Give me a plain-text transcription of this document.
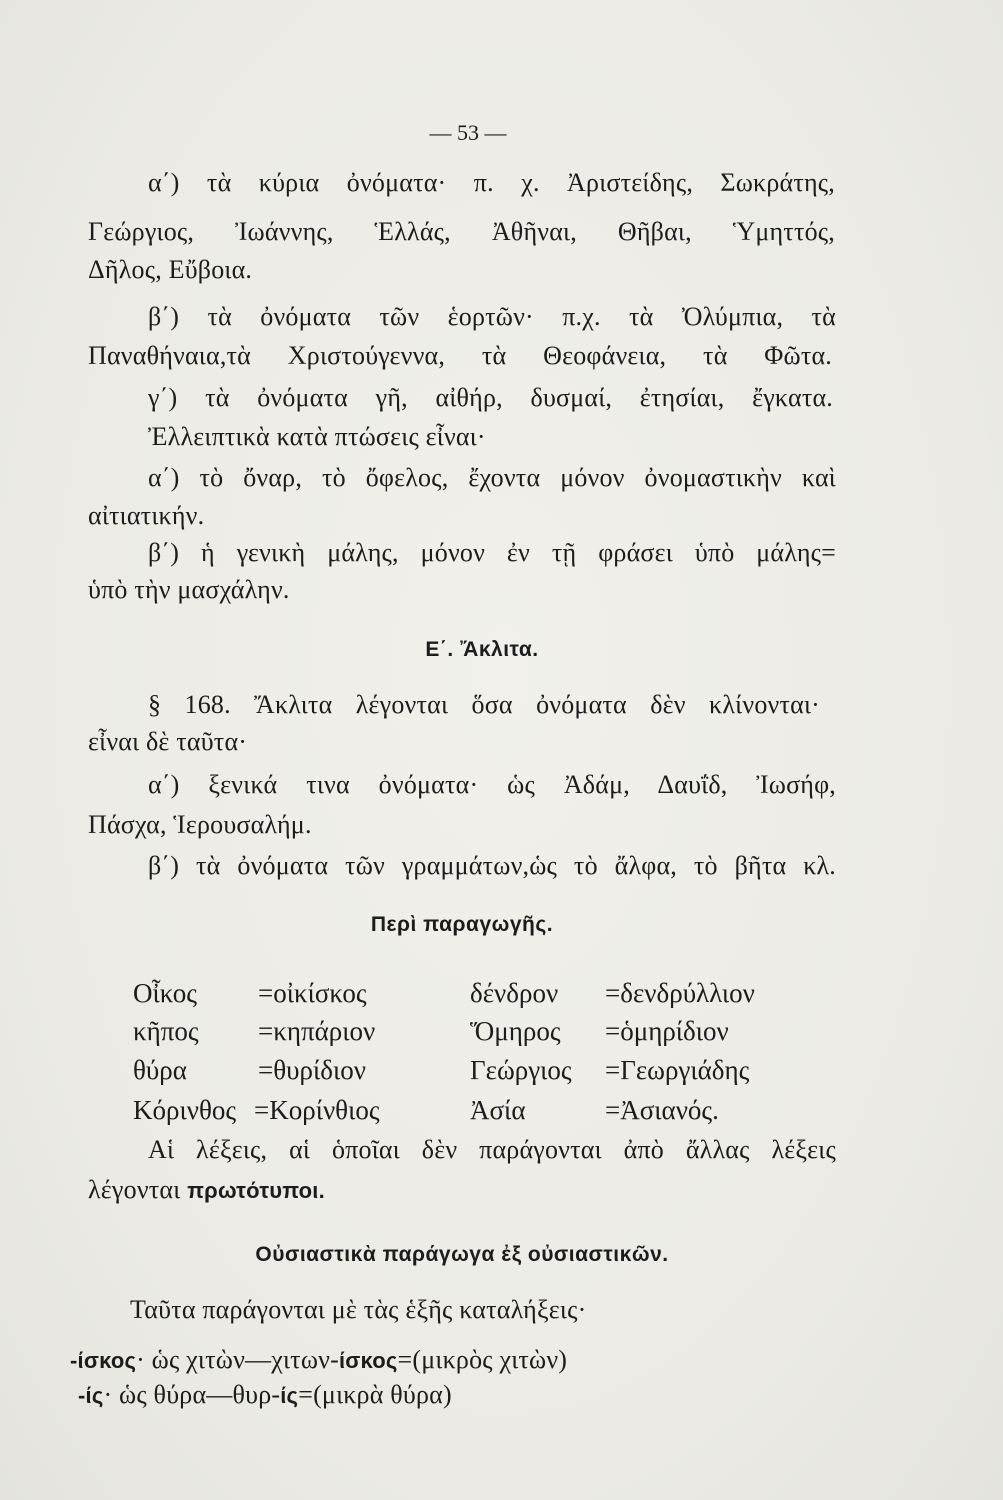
— 53 —
α΄) τὰ κύρια ὀνόματα· π. χ. Ἀριστείδης, Σωκράτης,
Γεώργιος, Ἰωάννης, Ἑλλάς, Ἀθῆναι, Θῆβαι, Ὑμηττός,
Δῆλος, Εὔβοια.
β΄) τὰ ὀνόματα τῶν ἑορτῶν· π.χ. τὰ Ὀλύμπια, τὰ
Παναθήναια,τὰ Χριστούγεννα, τὰ Θεοφάνεια, τὰ Φῶτα.
γ΄) τὰ ὀνόματα γῆ, αἰθήρ, δυσμαί, ἐτησίαι, ἔγκατα.
Ἐλλειπτικὰ κατὰ πτώσεις εἶναι·
α΄) τὸ ὄναρ, τὸ ὄφελος, ἔχοντα μόνον ὀνομαστικὴν καὶ
αἰτιατικήν.
β΄) ἡ γενικὴ μάλης, μόνον ἐν τῇ φράσει ὑπὸ μάλης=
ὑπὸ τὴν μασχάλην.
Ε΄. Ἄκλιτα.
§ 168. Ἄκλιτα λέγονται ὅσα ὀνόματα δὲν κλίνονται·
εἶναι δὲ ταῦτα·
α΄) ξενικά τινα ὀνόματα· ὡς Ἀδάμ, Δαυΐδ, Ἰωσήφ,
Πάσχα, Ἱερουσαλήμ.
β΄) τὰ ὀνόματα τῶν γραμμάτων,ὡς τὸ ἄλφα, τὸ βῆτα κλ.
Περὶ παραγωγῆς.
Οἶκος =οἰκίσκος	δένδρον =δενδρύλλιον
κῆπος =κηπάριον	Ὅμηρος =ὁμηρίδιον
θύρα	=θυρίδιον	Γεώργιος =Γεωργιάδης
Κόρινθος =Κορίνθιος	Ἀσία	=Ἀσιανός.
Αἱ λέξεις, αἱ ὁποῖαι δὲν παράγονται ἀπὸ ἄλλας λέξεις
λέγονται πρωτότυποι.
Οὐσιαστικὰ παράγωγα ἐξ οὐσιαστικῶν.
Ταῦτα παράγονται μὲ τὰς ἑξῆς καταλήξεις·
-ίσκος· ὡς χιτὼν—χιτων-ίσκος=(μικρὸς χιτὼν)
-ίς· ὡς θύρα—θυρ-ίς=(μικρὰ θύρα)
